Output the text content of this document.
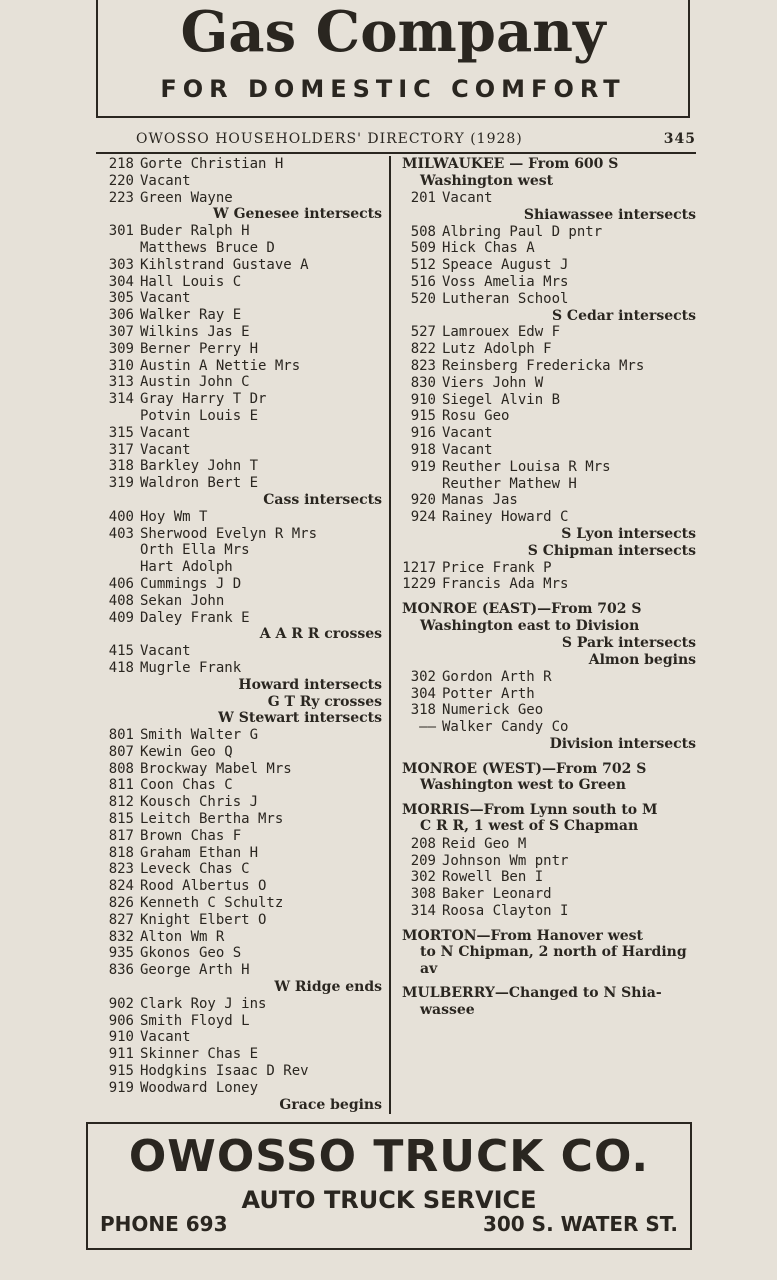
Gas Company
FOR DOMESTIC COMFORT
OWOSSO HOUSEHOLDERS' DIRECTORY (1928)	345
218 Gorte Christian H
220 Vacant
223 Green Wayne
W Genesee intersects
301 Buder Ralph H
Matthews Bruce D
303 Kihlstrand Gustave A
304 Hall Louis C
305 Vacant
306 Walker Ray E
307 Wilkins Jas E
309 Berner Perry H
310 Austin A Nettie Mrs
313 Austin John C
314 Gray Harry T Dr
Potvin Louis E
315 Vacant
317 Vacant
318 Barkley John T
319 Waldron Bert E
Cass intersects
400 Hoy Wm T
403 Sherwood Evelyn R Mrs
Orth Ella Mrs
Hart Adolph
406 Cummings J D
408 Sekan John
409 Daley Frank E
A A R R crosses
415 Vacant
418 Mugrle Frank
Howard intersects
G T Ry crosses
W Stewart intersects
801 Smith Walter G
807 Kewin Geo Q
808 Brockway Mabel Mrs
811 Coon Chas C
812 Kousch Chris J
815 Leitch Bertha Mrs
817 Brown Chas F
818 Graham Ethan H
823 Leveck Chas C
824 Rood Albertus O
826 Kenneth C Schultz
827 Knight Elbert O
832 Alton Wm R
935 Gkonos Geo S
836 George Arth H
W Ridge ends
902 Clark Roy J ins
906 Smith Floyd L
910 Vacant
911 Skinner Chas E
915 Hodgkins Isaac D Rev
919 Woodward Loney
Grace begins
MILWAUKEE — From 600 S
Washington west
201 Vacant
Shiawassee intersects
508 Albring Paul D pntr
509 Hick Chas A
512 Speace August J
516 Voss Amelia Mrs
520 Lutheran School
S Cedar intersects
527 Lamrouex Edw F
822 Lutz Adolph F
823 Reinsberg Fredericka Mrs
830 Viers John W
910 Siegel Alvin B
915 Rosu Geo
916 Vacant
918 Vacant
919 Reuther Louisa R Mrs
Reuther Mathew H
920 Manas Jas
924 Rainey Howard C
S Lyon intersects
S Chipman intersects
1217 Price Frank P
1229 Francis Ada Mrs
MONROE (EAST)—From 702 S
Washington east to Division
S Park intersects
Almon begins
302 Gordon Arth R
304 Potter Arth
318 Numerick Geo
—— Walker Candy Co
Division intersects
MONROE (WEST)—From 702 S
Washington west to Green
MORRIS—From Lynn south to M
C R R, 1 west of S Chapman
208 Reid Geo M
209 Johnson Wm pntr
302 Rowell Ben I
308 Baker Leonard
314 Roosa Clayton I
MORTON—From Hanover west
to N Chipman, 2 north of Harding av
MULBERRY—Changed to N Shia-
wassee
OWOSSO TRUCK CO.
AUTO TRUCK SERVICE
PHONE 693	300 S. WATER ST.
